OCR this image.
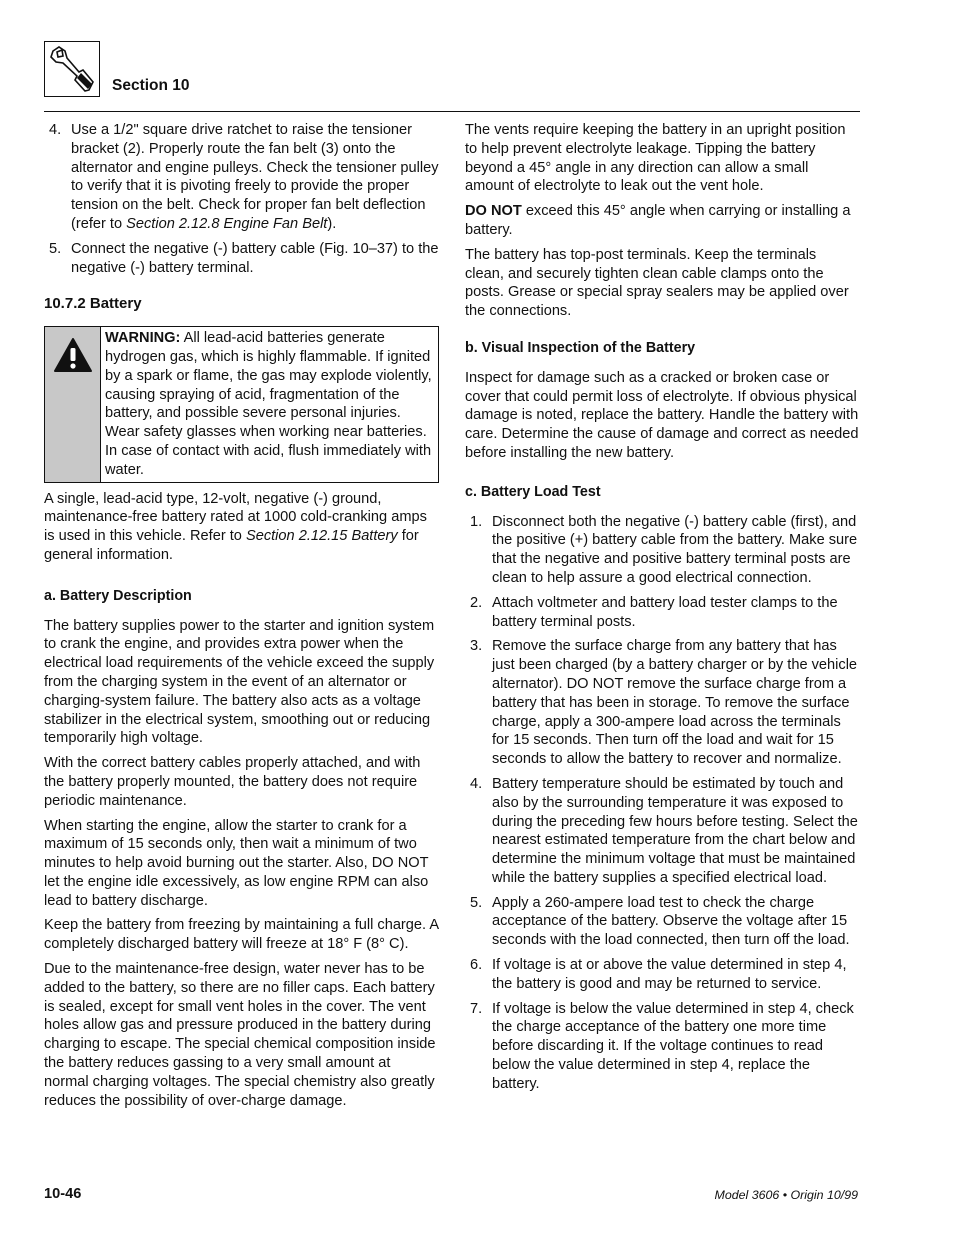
Section 10
4. Use a 1/2" square drive ratchet to raise the tensioner bracket (2). Properly route the fan belt (3) onto the alternator and engine pulleys. Check the tensioner pulley to verify that it is pivoting freely to provide the proper tension on the belt. Check for proper fan belt deflection (refer to Section 2.12.8 Engine Fan Belt).
5. Connect the negative (-) battery cable (Fig. 10–37) to the negative (-) battery terminal.

10.7.2 Battery

WARNING: All lead-acid batteries generate hydrogen gas, which is highly flammable. If ignited by a spark or flame, the gas may explode violently, causing spraying of acid, fragmentation of the battery, and possible severe personal injuries. Wear safety glasses when working near batteries. In case of contact with acid, flush immediately with water.

A single, lead-acid type, 12-volt, negative (-) ground, maintenance-free battery rated at 1000 cold-cranking amps is used in this vehicle. Refer to Section 2.12.15 Battery for general information.

a. Battery Description

The battery supplies power to the starter and ignition system to crank the engine, and provides extra power when the electrical load requirements of the vehicle exceed the supply from the charging system in the event of an alternator or charging-system failure. The battery also acts as a voltage stabilizer in the electrical system, smoothing out or reducing temporarily high voltage.

With the correct battery cables properly attached, and with the battery properly mounted, the battery does not require periodic maintenance.

When starting the engine, allow the starter to crank for a maximum of 15 seconds only, then wait a minimum of two minutes to help avoid burning out the starter. Also, DO NOT let the engine idle excessively, as low engine RPM can also lead to battery discharge.

Keep the battery from freezing by maintaining a full charge. A completely discharged battery will freeze at 18° F (8° C).

Due to the maintenance-free design, water never has to be added to the battery, so there are no filler caps. Each battery is sealed, except for small vent holes in the cover. The vent holes allow gas and pressure produced in the battery during charging to escape. The special chemical composition inside the battery reduces gassing to a very small amount at normal charging voltages. The special chemistry also greatly reduces the possibility of over-charge damage.

The vents require keeping the battery in an upright position to help prevent electrolyte leakage. Tipping the battery beyond a 45° angle in any direction can allow a small amount of electrolyte to leak out the vent hole.

DO NOT exceed this 45° angle when carrying or installing a battery.

The battery has top-post terminals. Keep the terminals clean, and securely tighten clean cable clamps onto the posts. Grease or special spray sealers may be applied over the connections.

b. Visual Inspection of the Battery

Inspect for damage such as a cracked or broken case or cover that could permit loss of electrolyte. If obvious physical damage is noted, replace the battery. Handle the battery with care. Determine the cause of damage and correct as needed before installing the new battery.

c. Battery Load Test

1. Disconnect both the negative (-) battery cable (first), and the positive (+) battery cable from the battery. Make sure that the negative and positive battery terminal posts are clean to help assure a good electrical connection.
2. Attach voltmeter and battery load tester clamps to the battery terminal posts.
3. Remove the surface charge from any battery that has just been charged (by a battery charger or by the vehicle alternator). DO NOT remove the surface charge from a battery that has been in storage. To remove the surface charge, apply a 300-ampere load across the terminals for 15 seconds. Then turn off the load and wait for 15 seconds to allow the battery to recover and normalize.
4. Battery temperature should be estimated by touch and also by the surrounding temperature it was exposed to during the preceding few hours before testing. Select the nearest estimated temperature from the chart below and determine the minimum voltage that must be maintained while the battery supplies a specified electrical load.
5. Apply a 260-ampere load test to check the charge acceptance of the battery. Observe the voltage after 15 seconds with the load connected, then turn off the load.
6. If voltage is at or above the value determined in step 4, the battery is good and may be returned to service.
7. If voltage is below the value determined in step 4, check the charge acceptance of the battery one more time before discarding it. If the voltage continues to read below the value determined in step 4, replace the battery.
10-46	Model 3606 • Origin 10/99
